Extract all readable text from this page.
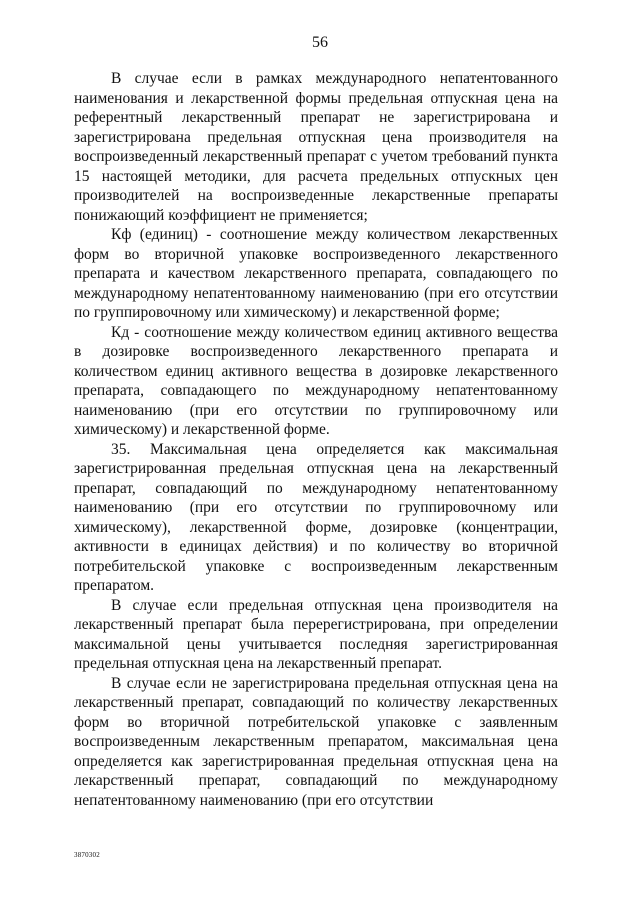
56

В случае если в рамках международного непатентованного наименования и лекарственной формы предельная отпускная цена на референтный лекарственный препарат не зарегистрирована и зарегистрирована предельная отпускная цена производителя на воспроизведенный лекарственный препарат с учетом требований пункта 15 настоящей методики, для расчета предельных отпускных цен производителей на воспроизведенные лекарственные препараты понижающий коэффициент не применяется;

Кф (единиц) - соотношение между количеством лекарственных форм во вторичной упаковке воспроизведенного лекарственного препарата и качеством лекарственного препарата, совпадающего по международному непатентованному наименованию (при его отсутствии по группировочному или химическому) и лекарственной форме;

Кд - соотношение между количеством единиц активного вещества в дозировке воспроизведенного лекарственного препарата и количеством единиц активного вещества в дозировке лекарственного препарата, совпадающего по международному непатентованному наименованию (при его отсутствии по группировочному или химическому) и лекарственной форме.

35. Максимальная цена определяется как максимальная зарегистрированная предельная отпускная цена на лекарственный препарат, совпадающий по международному непатентованному наименованию (при его отсутствии по группировочному или химическому), лекарственной форме, дозировке (концентрации, активности в единицах действия) и по количеству во вторичной потребительской упаковке с воспроизведенным лекарственным препаратом.

В случае если предельная отпускная цена производителя на лекарственный препарат была перерегистрирована, при определении максимальной цены учитывается последняя зарегистрированная предельная отпускная цена на лекарственный препарат.

В случае если не зарегистрирована предельная отпускная цена на лекарственный препарат, совпадающий по количеству лекарственных форм во вторичной потребительской упаковке с заявленным воспроизведенным лекарственным препаратом, максимальная цена определяется как зарегистрированная предельная отпускная цена на лекарственный препарат, совпадающий по международному непатентованному наименованию (при его отсутствии

3870302
